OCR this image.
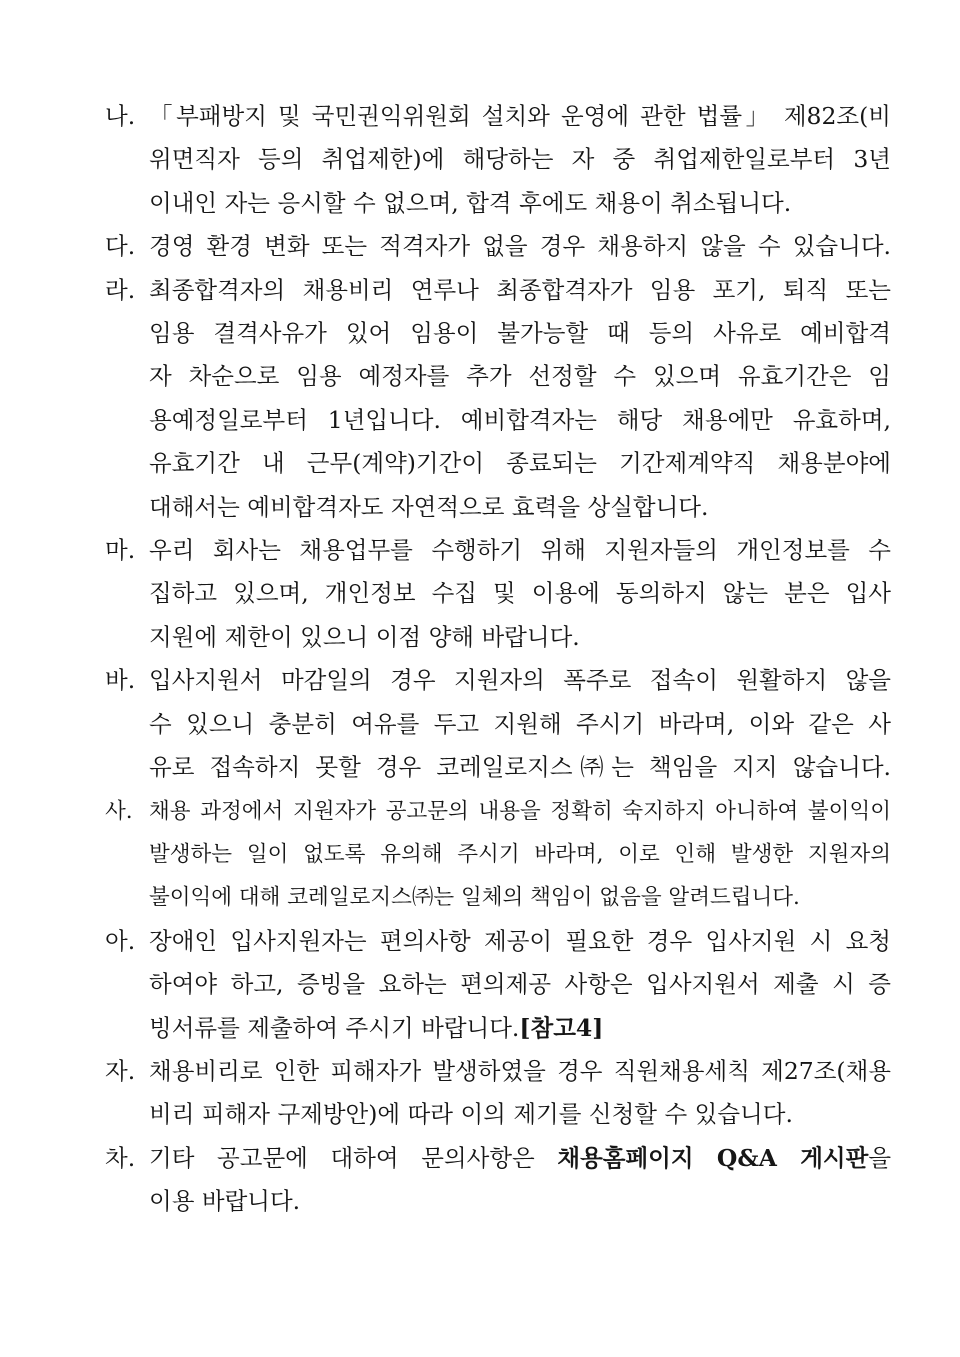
나. 「부패방지 및 국민권익위원회 설치와 운영에 관한 법률」 제82조(비
위면직자 등의 취업제한)에 해당하는 자 중 취업제한일로부터 3년
이내인 자는 응시할 수 없으며, 합격 후에도 채용이 취소됩니다.
다. 경영 환경 변화 또는 적격자가 없을 경우 채용하지 않을 수 있습니다.
라. 최종합격자의 채용비리 연루나 최종합격자가 임용 포기, 퇴직 또는
임용 결격사유가 있어 임용이 불가능할 때 등의 사유로 예비합격
자 차순으로 임용 예정자를 추가 선정할 수 있으며 유효기간은 임
용예정일로부터 1년입니다. 예비합격자는 해당 채용에만 유효하며,
유효기간 내 근무(계약)기간이 종료되는 기간제계약직 채용분야에
대해서는 예비합격자도 자연적으로 효력을 상실합니다.
마. 우리 회사는 채용업무를 수행하기 위해 지원자들의 개인정보를 수
집하고 있으며, 개인정보 수집 및 이용에 동의하지 않는 분은 입사
지원에 제한이 있으니 이점 양해 바랍니다.
바. 입사지원서 마감일의 경우 지원자의 폭주로 접속이 원활하지 않을
수 있으니 충분히 여유를 두고 지원해 주시기 바라며, 이와 같은 사
유로 접속하지 못할 경우 코레일로지스㈜는 책임을 지지 않습니다.
사. 채용 과정에서 지원자가 공고문의 내용을 정확히 숙지하지 아니하여 불이익이
발생하는 일이 없도록 유의해 주시기 바라며, 이로 인해 발생한 지원자의
불이익에 대해 코레일로지스㈜는 일체의 책임이 없음을 알려드립니다.
아. 장애인 입사지원자는 편의사항 제공이 필요한 경우 입사지원 시 요청
하여야 하고, 증빙을 요하는 편의제공 사항은 입사지원서 제출 시 증
빙서류를 제출하여 주시기 바랍니다.[참고4]
자. 채용비리로 인한 피해자가 발생하였을 경우 직원채용세칙 제27조(채용
비리 피해자 구제방안)에 따라 이의 제기를 신청할 수 있습니다.
차. 기타 공고문에 대하여 문의사항은 채용홈페이지 Q&A 게시판을
이용 바랍니다.
